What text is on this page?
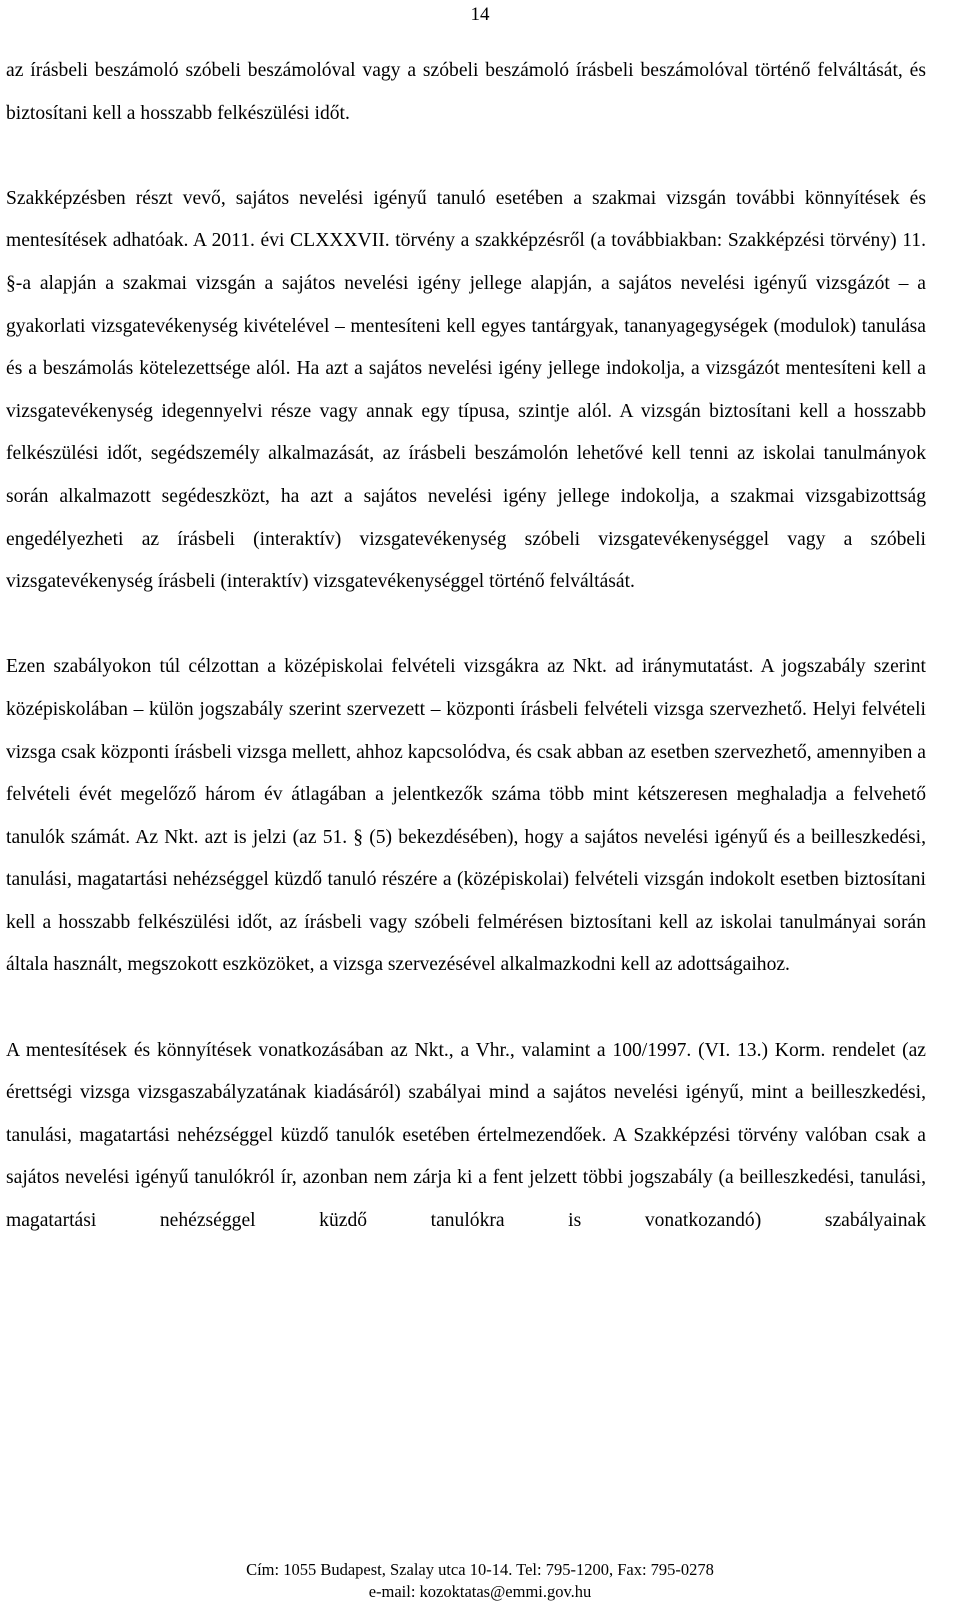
14

az írásbeli beszámoló szóbeli beszámolóval vagy a szóbeli beszámoló írásbeli beszámolóval történő felváltását, és biztosítani kell a hosszabb felkészülési időt.

Szakképzésben részt vevő, sajátos nevelési igényű tanuló esetében a szakmai vizsgán további könnyítések és mentesítések adhatóak. A 2011. évi CLXXXVII. törvény a szakképzésről (a továbbiakban: Szakképzési törvény) 11. §-a alapján a szakmai vizsgán a sajátos nevelési igény jellege alapján, a sajátos nevelési igényű vizsgázót – a gyakorlati vizsgatevékenység kivételével – mentesíteni kell egyes tantárgyak, tananyagegységek (modulok) tanulása és a beszámolás kötelezettsége alól. Ha azt a sajátos nevelési igény jellege indokolja, a vizsgázót mentesíteni kell a vizsgatevékenység idegennyelvi része vagy annak egy típusa, szintje alól. A vizsgán biztosítani kell a hosszabb felkészülési időt, segédszemély alkalmazását, az írásbeli beszámolón lehetővé kell tenni az iskolai tanulmányok során alkalmazott segédeszközt, ha azt a sajátos nevelési igény jellege indokolja, a szakmai vizsgabizottság engedélyezheti az írásbeli (interaktív) vizsgatevékenység szóbeli vizsgatevékenységgel vagy a szóbeli vizsgatevékenység írásbeli (interaktív) vizsgatevékenységgel történő felváltását.

Ezen szabályokon túl célzottan a középiskolai felvételi vizsgákra az Nkt. ad iránymutatást. A jogszabály szerint középiskolában – külön jogszabály szerint szervezett – központi írásbeli felvételi vizsga szervezhető. Helyi felvételi vizsga csak központi írásbeli vizsga mellett, ahhoz kapcsolódva, és csak abban az esetben szervezhető, amennyiben a felvételi évét megelőző három év átlagában a jelentkezők száma több mint kétszeresen meghaladja a felvehető tanulók számát. Az Nkt. azt is jelzi (az 51. § (5) bekezdésében), hogy a sajátos nevelési igényű és a beilleszkedési, tanulási, magatartási nehézséggel küzdő tanuló részére a (középiskolai) felvételi vizsgán indokolt esetben biztosítani kell a hosszabb felkészülési időt, az írásbeli vagy szóbeli felmérésen biztosítani kell az iskolai tanulmányai során általa használt, megszokott eszközöket, a vizsga szervezésével alkalmazkodni kell az adottságaihoz.

A mentesítések és könnyítések vonatkozásában az Nkt., a Vhr., valamint a 100/1997. (VI. 13.) Korm. rendelet (az érettségi vizsga vizsgaszabályzatának kiadásáról) szabályai mind a sajátos nevelési igényű, mint a beilleszkedési, tanulási, magatartási nehézséggel küzdő tanulók esetében értelmezendőek. A Szakképzési törvény valóban csak a sajátos nevelési igényű tanulókról ír, azonban nem zárja ki a fent jelzett többi jogszabály (a beilleszkedési, tanulási, magatartási nehézséggel küzdő tanulókra is vonatkozandó) szabályainak

Cím: 1055 Budapest, Szalay utca 10-14. Tel: 795-1200, Fax: 795-0278
e-mail: kozoktatas@emmi.gov.hu
